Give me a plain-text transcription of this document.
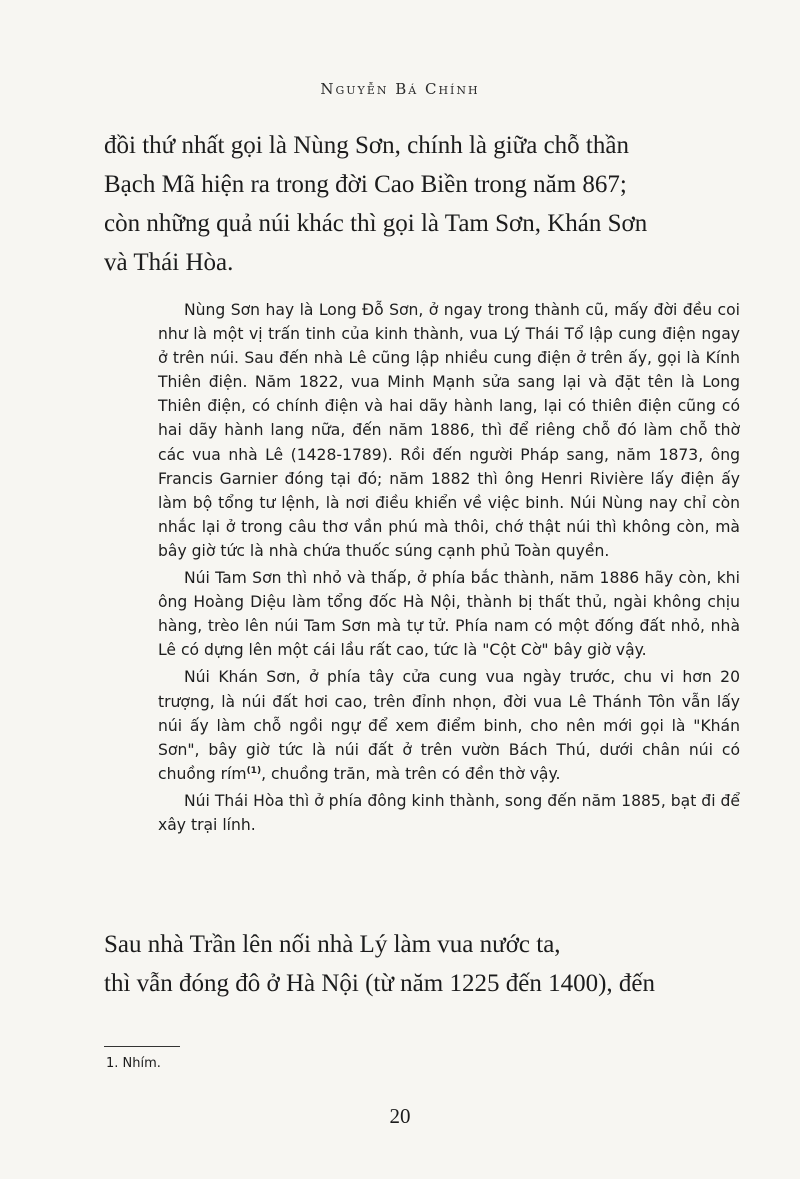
Nguyễn Bá Chính
đồi thứ nhất gọi là Nùng Sơn, chính là giữa chỗ thần
Bạch Mã hiện ra trong đời Cao Biền trong năm 867;
còn những quả núi khác thì gọi là Tam Sơn, Khán Sơn
và Thái Hòa.

Nùng Sơn hay là Long Đỗ Sơn, ở ngay trong thành cũ, mấy đời đều coi như là một vị trấn tinh của kinh thành, vua Lý Thái Tổ lập cung điện ngay ở trên núi. Sau đến nhà Lê cũng lập nhiều cung điện ở trên ấy, gọi là Kính Thiên điện. Năm 1822, vua Minh Mạnh sửa sang lại và đặt tên là Long Thiên điện, có chính điện và hai dãy hành lang, lại có thiên điện cũng có hai dãy hành lang nữa, đến năm 1886, thì để riêng chỗ đó làm chỗ thờ các vua nhà Lê (1428-1789). Rồi đến người Pháp sang, năm 1873, ông Francis Garnier đóng tại đó; năm 1882 thì ông Henri Rivière lấy điện ấy làm bộ tổng tư lệnh, là nơi điều khiển về việc binh. Núi Nùng nay chỉ còn nhắc lại ở trong câu thơ vần phú mà thôi, chớ thật núi thì không còn, mà bây giờ tức là nhà chứa thuốc súng cạnh phủ Toàn quyền.

Núi Tam Sơn thì nhỏ và thấp, ở phía bắc thành, năm 1886 hãy còn, khi ông Hoàng Diệu làm tổng đốc Hà Nội, thành bị thất thủ, ngài không chịu hàng, trèo lên núi Tam Sơn mà tự tử. Phía nam có một đống đất nhỏ, nhà Lê có dựng lên một cái lầu rất cao, tức là "Cột Cờ" bây giờ vậy.

Núi Khán Sơn, ở phía tây cửa cung vua ngày trước, chu vi hơn 20 trượng, là núi đất hơi cao, trên đỉnh nhọn, đời vua Lê Thánh Tôn vẫn lấy núi ấy làm chỗ ngồi ngự để xem điểm binh, cho nên mới gọi là "Khán Sơn", bây giờ tức là núi đất ở trên vườn Bách Thú, dưới chân núi có chuồng rím$^{(1)}$, chuồng trăn, mà trên có đền thờ vậy.

Núi Thái Hòa thì ở phía đông kinh thành, song đến năm 1885, bạt đi để xây trại lính.

Sau nhà Trần lên nối nhà Lý làm vua nước ta,
thì vẫn đóng đô ở Hà Nội (từ năm 1225 đến 1400), đến
1. Nhím.
20
